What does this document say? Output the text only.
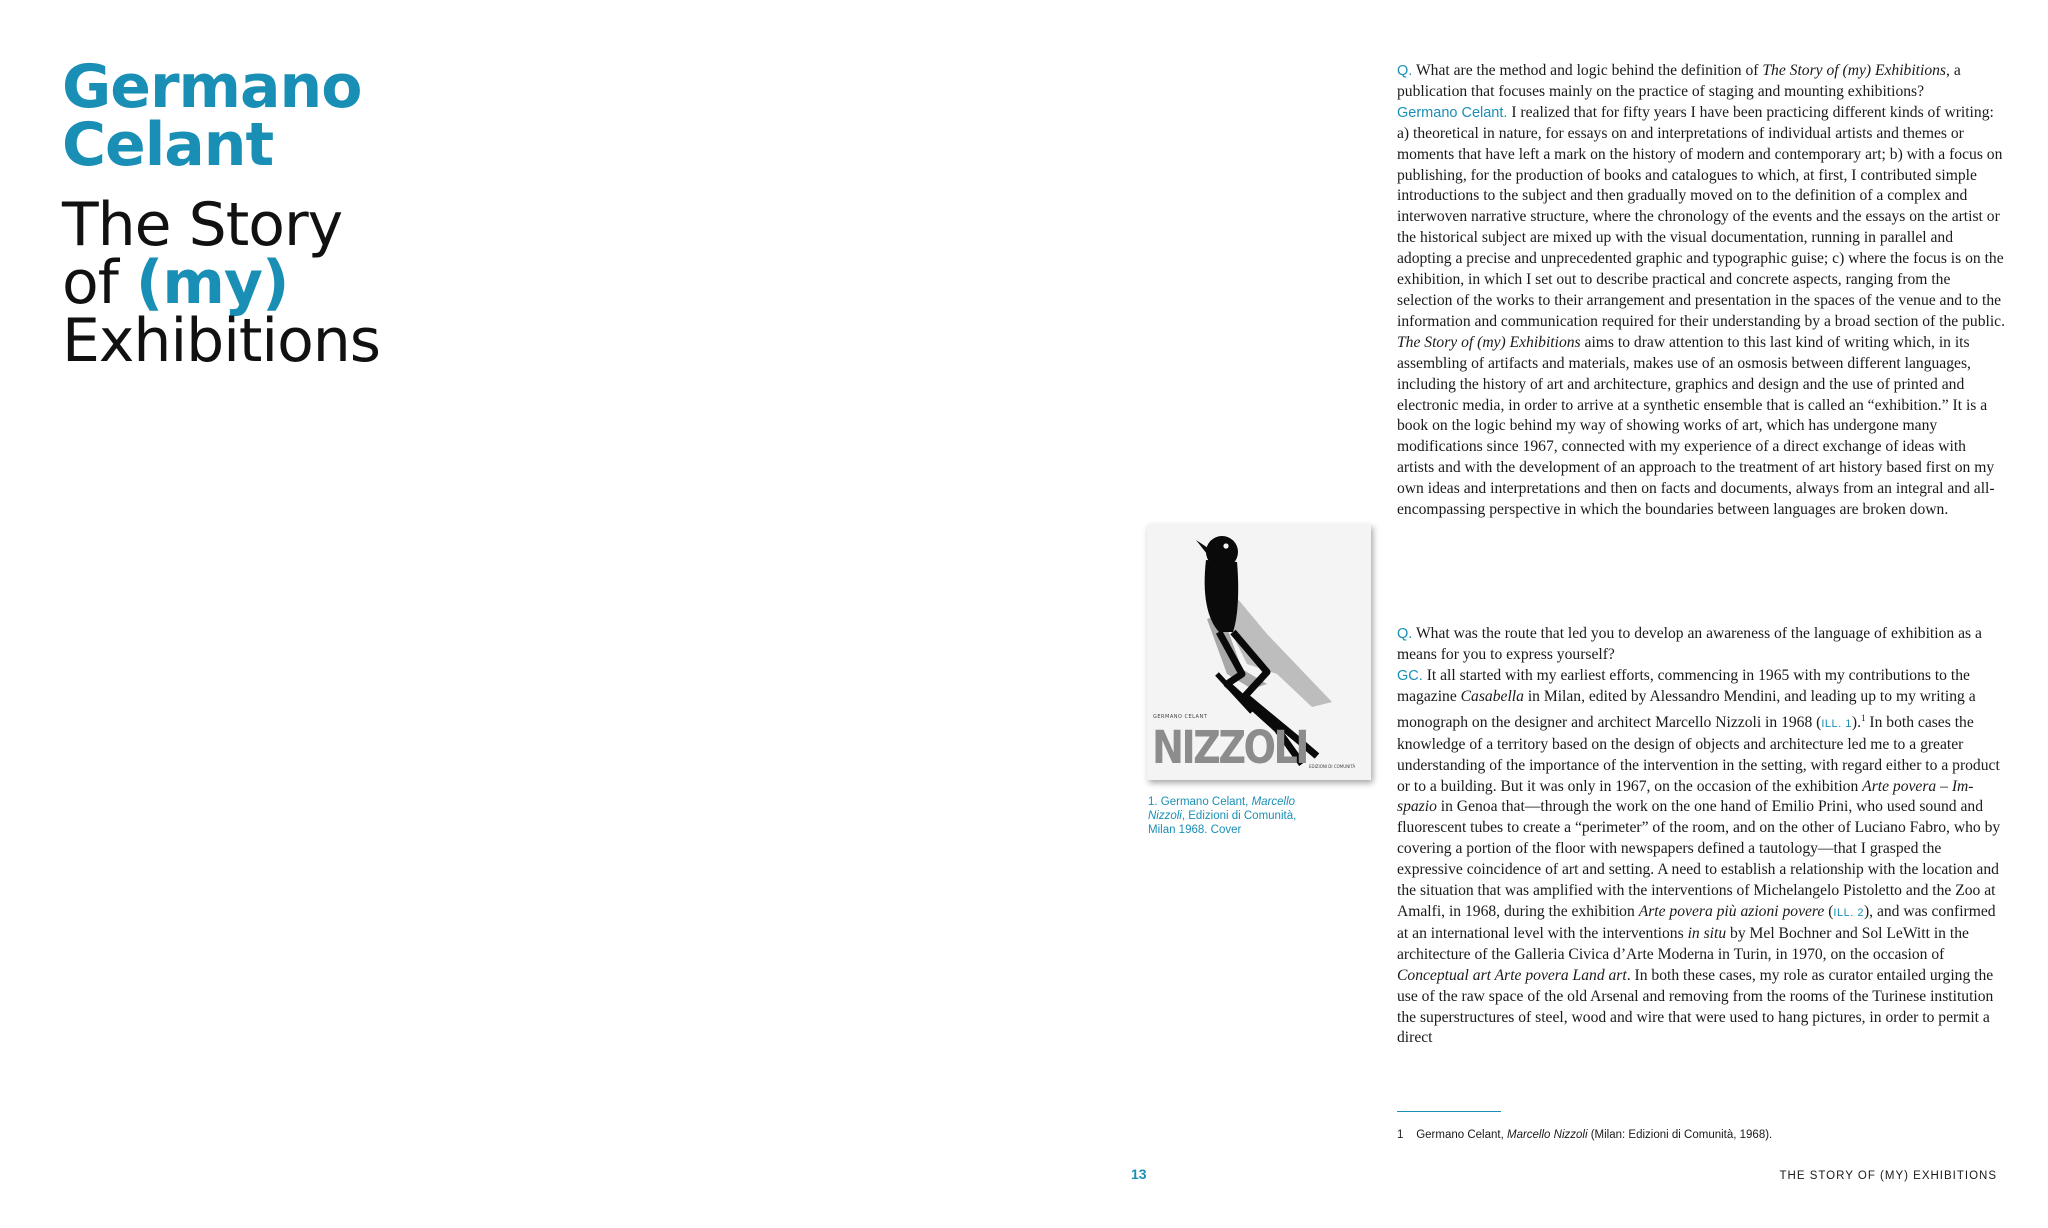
Germano
Celant
The Story
of (my)
Exhibitions
GERMANO CELANT
NIZZOLI EDIZIONI DI COMUNITÀ
1. Germano Celant, Marcello Nizzoli, Edizioni di Comunità, Milan 1968. Cover

Q. What are the method and logic behind the definition of The Story of (my) Exhibitions, a publication that focuses mainly on the practice of staging and mounting exhibitions?

Germano Celant. I realized that for fifty years I have been practicing different kinds of writing: a) theoretical in nature, for essays on and interpretations of individual artists and themes or moments that have left a mark on the history of modern and contemporary art; b) with a focus on publishing, for the production of books and catalogues to which, at first, I contributed simple introductions to the subject and then gradually moved on to the definition of a complex and interwoven narrative structure, where the chronology of the events and the essays on the artist or the historical subject are mixed up with the visual documentation, running in parallel and adopting a precise and unprecedented graphic and typographic guise; c) where the focus is on the exhibition, in which I set out to describe practical and concrete aspects, ranging from the selection of the works to their arrangement and presentation in the spaces of the venue and to the information and communication required for their understanding by a broad section of the public. The Story of (my) Exhibitions aims to draw attention to this last kind of writing which, in its assembling of artifacts and materials, makes use of an osmosis between different languages, including the history of art and architecture, graphics and design and the use of printed and electronic media, in order to arrive at a synthetic ensemble that is called an “exhibition.” It is a book on the logic behind my way of showing works of art, which has undergone many modifications since 1967, connected with my experience of a direct exchange of ideas with artists and with the development of an approach to the treatment of art history based first on my own ideas and interpretations and then on facts and documents, always from an integral and all-encompassing perspective in which the boundaries between languages are broken down.

Q. What was the route that led you to develop an awareness of the language of exhibition as a means for you to express yourself?

GC. It all started with my earliest efforts, commencing in 1965 with my contributions to the magazine Casabella in Milan, edited by Alessandro Mendini, and leading up to my writing a monograph on the designer and architect Marcello Nizzoli in 1968 (ILL. 1).$^1$ In both cases the knowledge of a territory based on the design of objects and architecture led me to a greater understanding of the importance of the intervention in the setting, with regard either to a product or to a building. But it was only in 1967, on the occasion of the exhibition Arte povera – Im-spazio in Genoa that—through the work on the one hand of Emilio Prini, who used sound and fluorescent tubes to create a “perimeter” of the room, and on the other of Luciano Fabro, who by covering a portion of the floor with newspapers defined a tautology—that I grasped the expressive coincidence of art and setting. A need to establish a relationship with the location and the situation that was amplified with the interventions of Michelangelo Pistoletto and the Zoo at Amalfi, in 1968, during the exhibition Arte povera più azioni povere (ILL. 2), and was confirmed at an international level with the interventions in situ by Mel Bochner and Sol LeWitt in the architecture of the Galleria Civica d’Arte Moderna in Turin, in 1970, on the occasion of Conceptual art Arte povera Land art. In both these cases, my role as curator entailed urging the use of the raw space of the old Arsenal and removing from the rooms of the Turinese institution the superstructures of steel, wood and wire that were used to hang pictures, in order to permit a direct

1 Germano Celant, Marcello Nizzoli (Milan: Edizioni di Comunità, 1968).
13	THE STORY OF (MY) EXHIBITIONS
